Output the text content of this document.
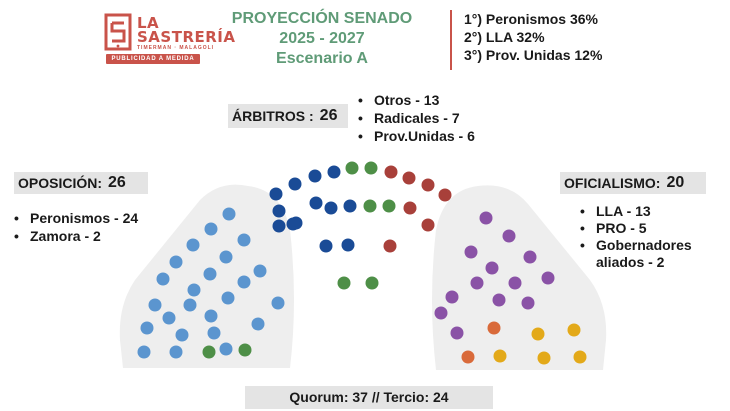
LA
SASTRERÍA
TIMERMAN · MALAGOLI
PUBLICIDAD A MEDIDA
PROYECCIÓN SENADO
2025 - 2027
Escenario A
1°) Peronismos 36%
2°) LLA 32%
3°) Prov. Unidas 12%
ÁRBITROS : 26
• Otros - 13
• Radicales - 7
• Prov.Unidas - 6
OPOSICIÓN: 26
• Peronismos - 24
• Zamora - 2
OFICIALISMO: 20
• LLA - 13
• PRO - 5
• Gobernadores aliados - 2
Quorum: 37 // Tercio: 24
